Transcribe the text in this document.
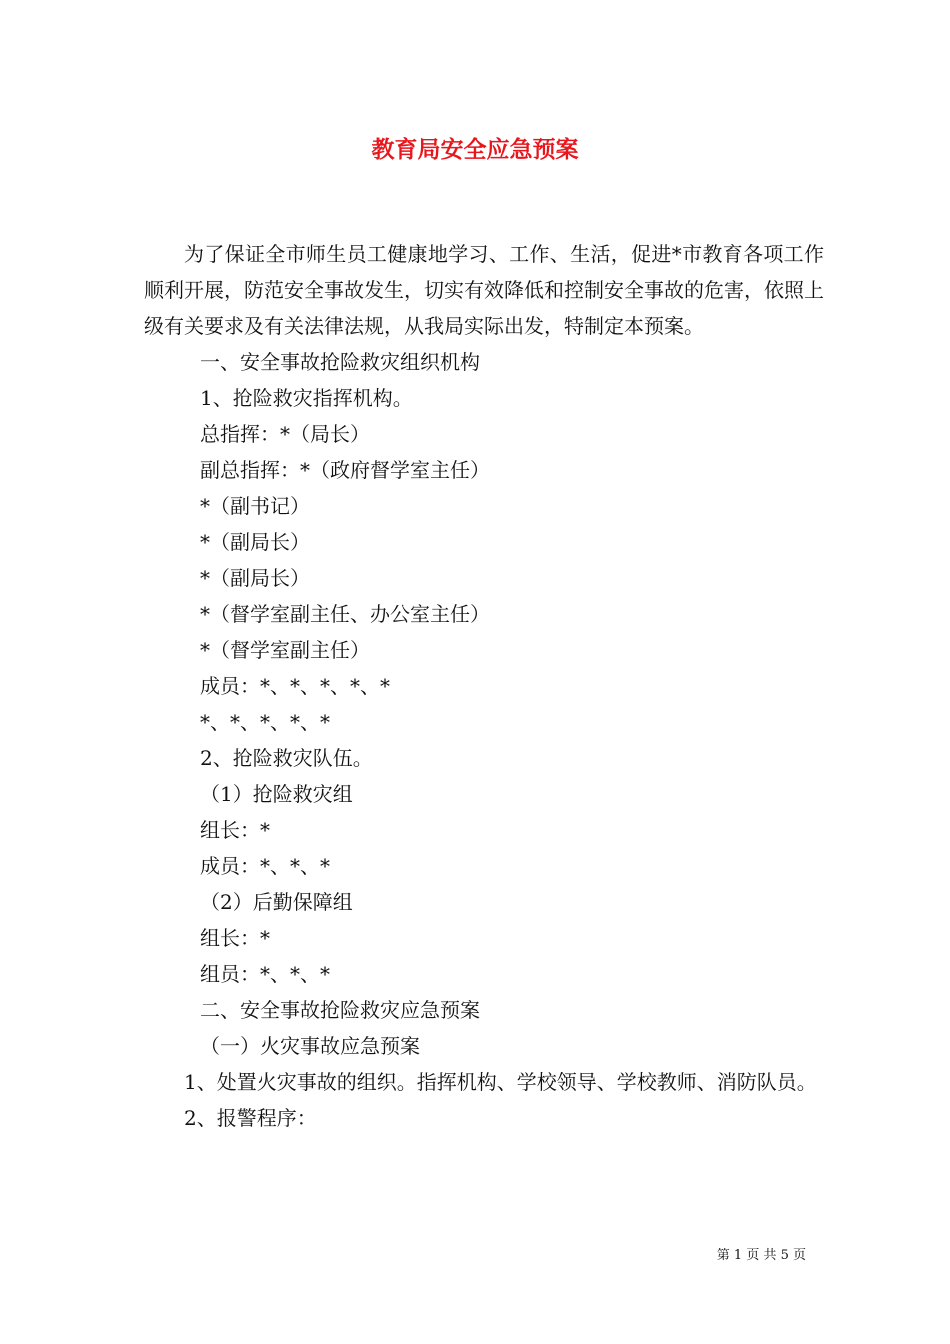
教育局安全应急预案

为了保证全市师生员工健康地学习、工作、生活，促进*市教育各项工作顺利开展，防范安全事故发生，切实有效降低和控制安全事故的危害，依照上级有关要求及有关法律法规，从我局实际出发，特制定本预案。

一、安全事故抢险救灾组织机构

1、抢险救灾指挥机构。

总指挥：*（局长）

副总指挥：*（政府督学室主任）

*（副书记）

*（副局长）

*（副局长）

*（督学室副主任、办公室主任）

*（督学室副主任）

成员：*、*、*、*、*

*、*、*、*、*

2、抢险救灾队伍。

（1）抢险救灾组

组长：*

成员：*、*、*

（2）后勤保障组

组长：*

组员：*、*、*

二、安全事故抢险救灾应急预案

（一）火灾事故应急预案

1、处置火灾事故的组织。指挥机构、学校领导、学校教师、消防队员。

2、报警程序：

第 1 页 共 5 页
